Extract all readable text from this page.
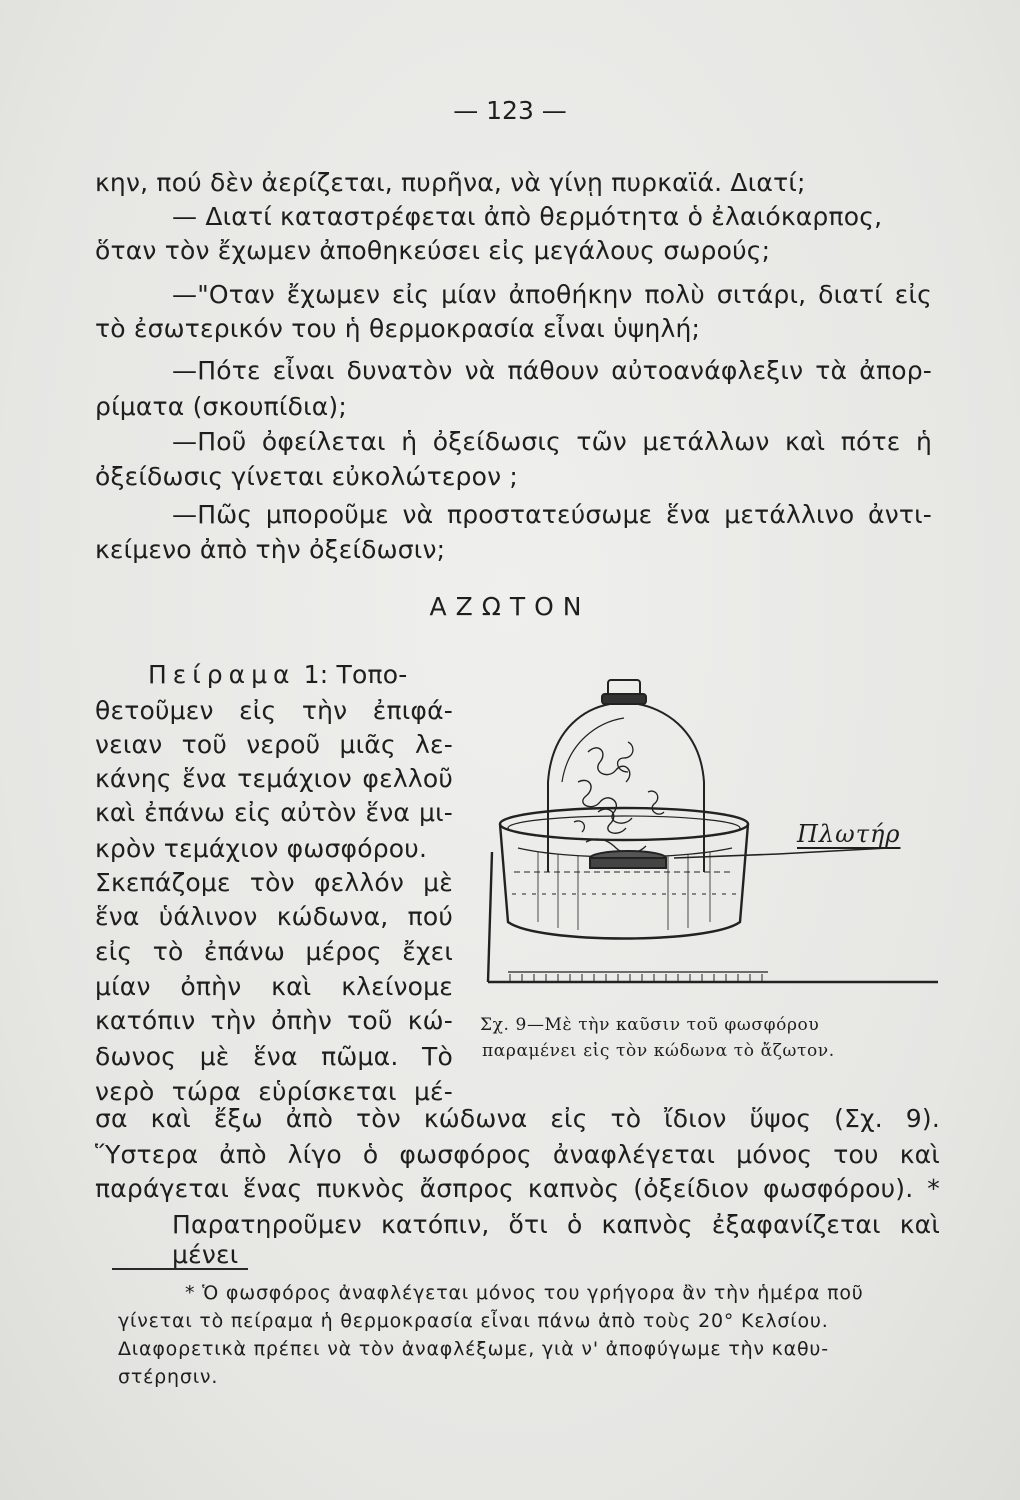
— 123 —
κην, πού δὲν ἀερίζεται, πυρῆνα, νὰ γίνῃ πυρκαϊά. Διατί;
— Διατί καταστρέφεται ἀπὸ θερμότητα ὁ ἐλαιόκαρπος,
ὅταν τὸν ἔχωμεν ἀποθηκεύσει εἰς μεγάλους σωρούς;
—"Οταν ἔχωμεν εἰς μίαν ἀποθήκην πολὺ σιτάρι, διατί εἰς
τὸ ἐσωτερικόν του ἡ θερμοκρασία εἶναι ὑψηλή;
—Πότε εἶναι δυνατὸν νὰ πάθουν αὐτοανάφλεξιν τὰ ἀπορ-
ρίματα (σκουπίδια);
—Ποῦ ὀφείλεται ἡ ὀξείδωσις τῶν μετάλλων καὶ πότε ἡ
ὀξείδωσις γίνεται εὐκολώτερον ;
—Πῶς μποροῦμε νὰ προστατεύσωμε ἕνα μετάλλινο ἀντι-
κείμενο ἀπὸ τὴν ὀξείδωσιν;
ΑΖΩΤΟΝ
Πείραμα 1: Τοπο-
θετοῦμεν εἰς τὴν ἐπιφά-
νειαν τοῦ νεροῦ μιᾶς λε-
κάνης ἕνα τεμάχιον φελλοῦ
καὶ ἐπάνω εἰς αὐτὸν ἕνα μι-
κρὸν τεμάχιον φωσφόρου.
Σκεπάζομε τὸν φελλόν μὲ
ἕνα ὑάλινον κώδωνα, πού
εἰς τὸ ἐπάνω μέρος ἔχει
μίαν ὀπὴν καὶ κλείνομε
κατόπιν τὴν ὀπὴν τοῦ κώ-
δωνος μὲ ἕνα πῶμα. Τὸ
νερὸ τώρα εὑρίσκεται μέ-
σα καὶ ἔξω ἀπὸ τὸν κώδωνα εἰς τὸ ἴδιον ὕψος (Σχ. 9).
Ὕστερα ἀπὸ λίγο ὁ φωσφόρος ἀναφλέγεται μόνος του καὶ
παράγεται ἕνας πυκνὸς ἄσπρος καπνὸς (ὀξείδιον φωσφόρου). *
Παρατηροῦμεν κατόπιν, ὅτι ὁ καπνὸς ἐξαφανίζεται καὶ μένει
Πλωτήρ
Σχ. 9—Μὲ τὴν καῦσιν τοῦ φωσφόρου
παραμένει εἰς τὸν κώδωνα τὸ ἄζωτον.
* Ὁ φωσφόρος ἀναφλέγεται μόνος του γρήγορα ἂν τὴν ἡμέρα ποῦ
γίνεται τὸ πείραμα ἡ θερμοκρασία εἶναι πάνω ἀπὸ τοὺς 20° Κελσίου.
Διαφορετικὰ πρέπει νὰ τὸν ἀναφλέξωμε, γιὰ ν' ἀποφύγωμε τὴν καθυ-
στέρησιν.
